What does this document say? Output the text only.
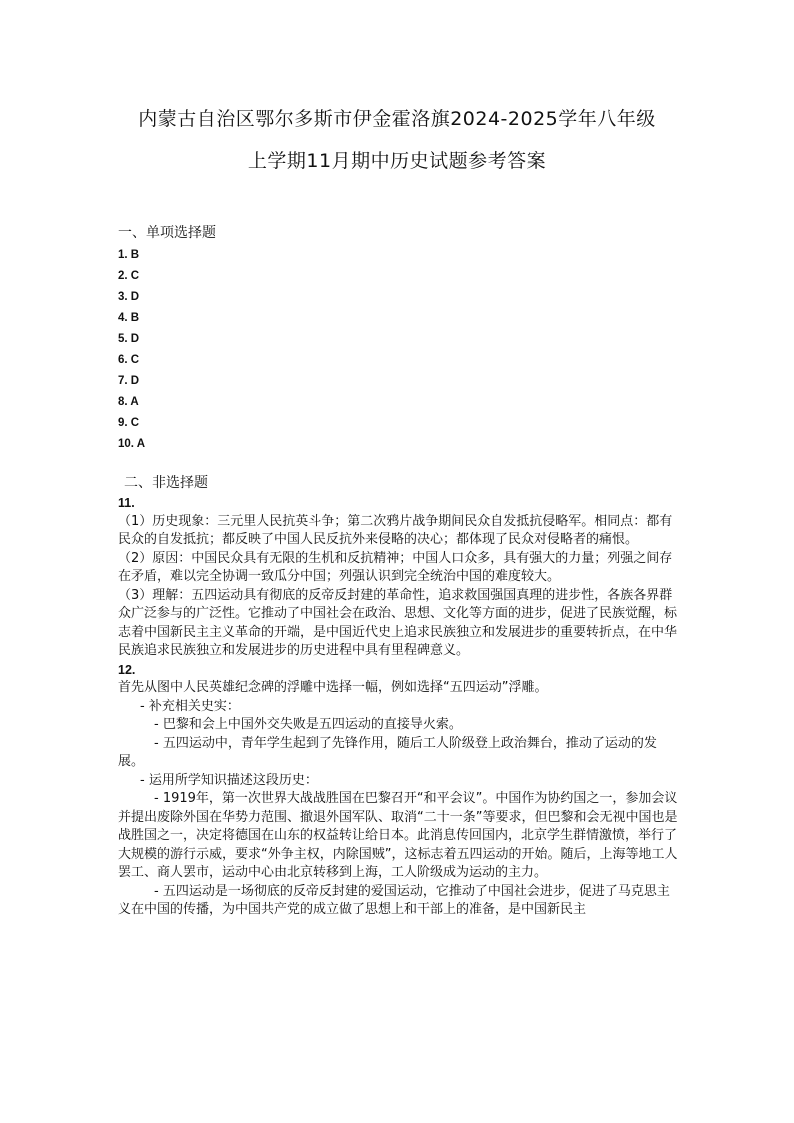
内蒙古自治区鄂尔多斯市伊金霍洛旗2024-2025学年八年级
上学期11月期中历史试题参考答案
一、单项选择题
1. B
2. C
3. D
4. B
5. D
6. C
7. D
8. A
9. C
10. A
二、非选择题

11.

（1）历史现象：三元里人民抗英斗争；第二次鸦片战争期间民众自发抵抗侵略军。相同点：都有民众的自发抵抗；都反映了中国人民反抗外来侵略的决心；都体现了民众对侵略者的痛恨。

（2）原因：中国民众具有无限的生机和反抗精神；中国人口众多，具有强大的力量；列强之间存在矛盾，难以完全协调一致瓜分中国；列强认识到完全统治中国的难度较大。

（3）理解：五四运动具有彻底的反帝反封建的革命性，追求救国强国真理的进步性，各族各界群众广泛参与的广泛性。它推动了中国社会在政治、思想、文化等方面的进步，促进了民族觉醒，标志着中国新民主主义革命的开端，是中国近代史上追求民族独立和发展进步的重要转折点，在中华民族追求民族独立和发展进步的历史进程中具有里程碑意义。

12.

首先从图中人民英雄纪念碑的浮雕中选择一幅，例如选择“五四运动”浮雕。

- 补充相关史实：

- 巴黎和会上中国外交失败是五四运动的直接导火索。

- 五四运动中，青年学生起到了先锋作用，随后工人阶级登上政治舞台，推动了运动的发展。

- 运用所学知识描述这段历史：

- 1919年，第一次世界大战战胜国在巴黎召开“和平会议”。中国作为协约国之一，参加会议并提出废除外国在华势力范围、撤退外国军队、取消“二十一条”等要求，但巴黎和会无视中国也是战胜国之一，决定将德国在山东的权益转让给日本。此消息传回国内，北京学生群情激愤，举行了大规模的游行示威，要求“外争主权，内除国贼”，这标志着五四运动的开始。随后，上海等地工人罢工、商人罢市，运动中心由北京转移到上海，工人阶级成为运动的主力。

- 五四运动是一场彻底的反帝反封建的爱国运动，它推动了中国社会进步，促进了马克思主义在中国的传播，为中国共产党的成立做了思想上和干部上的准备，是中国新民主
